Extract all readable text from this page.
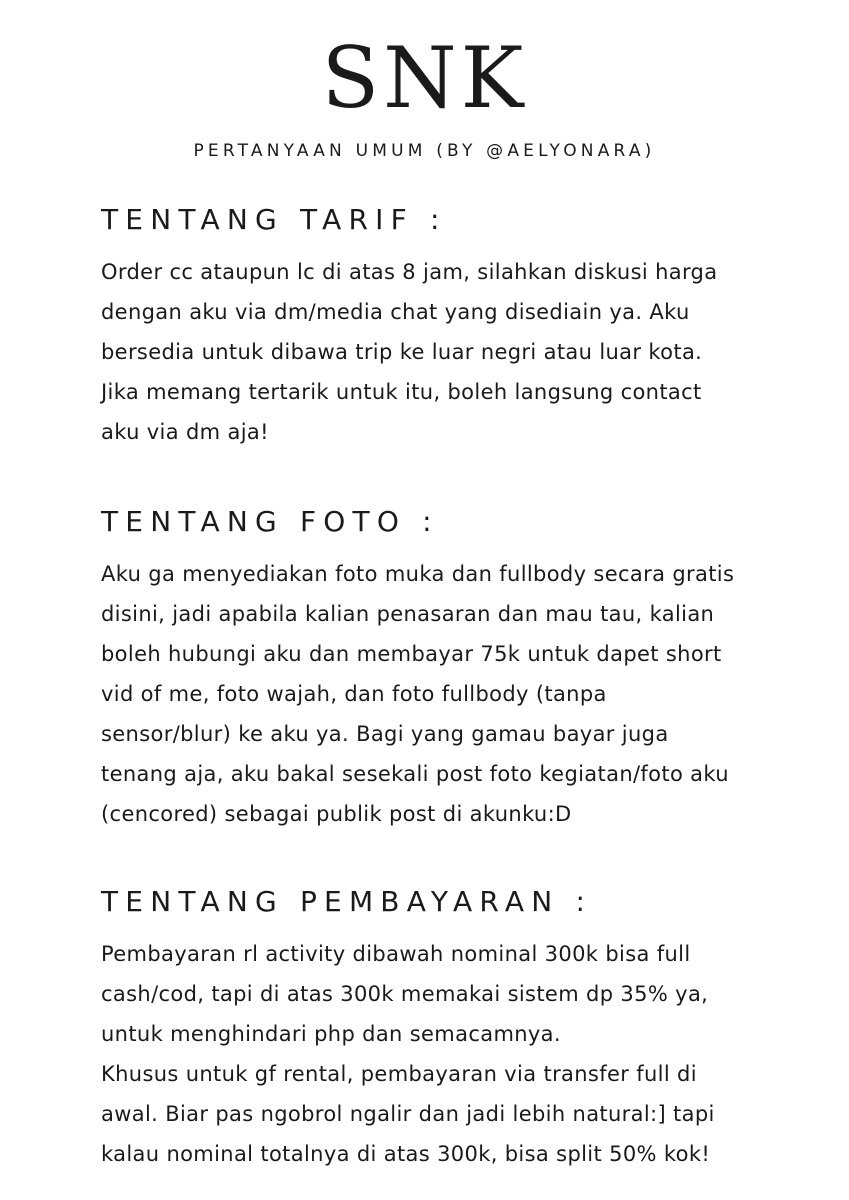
SNK
PERTANYAAN UMUM (BY @AELYONARA)
TENTANG TARIF :
Order cc ataupun lc di atas 8 jam, silahkan diskusi harga
dengan aku via dm/media chat yang disediain ya. Aku
bersedia untuk dibawa trip ke luar negri atau luar kota.
Jika memang tertarik untuk itu, boleh langsung contact
aku via dm aja!
TENTANG FOTO :
Aku ga menyediakan foto muka dan fullbody secara gratis
disini, jadi apabila kalian penasaran dan mau tau, kalian
boleh hubungi aku dan membayar 75k untuk dapet short
vid of me, foto wajah, dan foto fullbody (tanpa
sensor/blur) ke aku ya. Bagi yang gamau bayar juga
tenang aja, aku bakal sesekali post foto kegiatan/foto aku
(cencored) sebagai publik post di akunku:D
TENTANG PEMBAYARAN :
Pembayaran rl activity dibawah nominal 300k bisa full
cash/cod, tapi di atas 300k memakai sistem dp 35% ya,
untuk menghindari php dan semacamnya.
Khusus untuk gf rental, pembayaran via transfer full di
awal. Biar pas ngobrol ngalir dan jadi lebih natural:] tapi
kalau nominal totalnya di atas 300k, bisa split 50% kok!
